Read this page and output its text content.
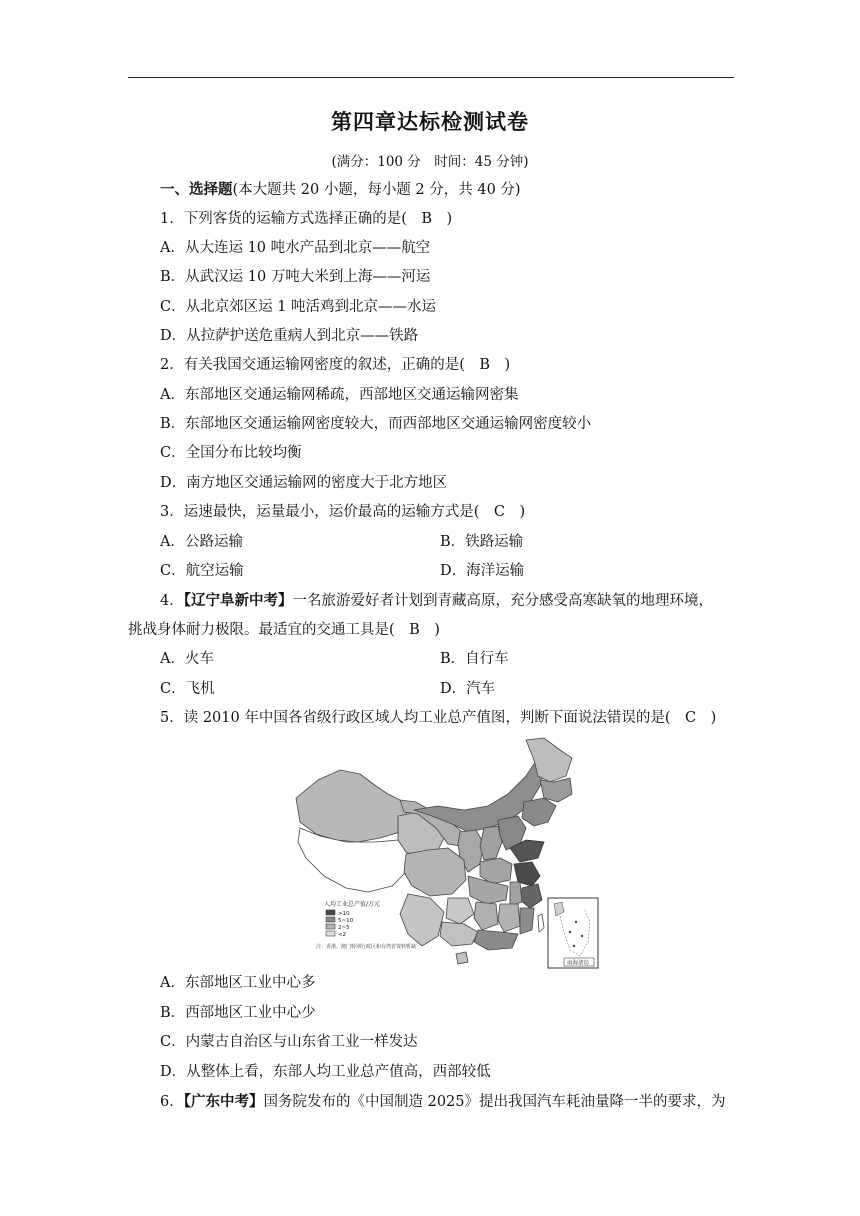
第四章达标检测试卷
(满分：100 分　时间：45 分钟)
一、选择题(本大题共 20 小题，每小题 2 分，共 40 分)
1．下列客货的运输方式选择正确的是(　B　)
A．从大连运 10 吨水产品到北京——航空
B．从武汉运 10 万吨大米到上海——河运
C．从北京郊区运 1 吨活鸡到北京——水运
D．从拉萨护送危重病人到北京——铁路
2．有关我国交通运输网密度的叙述，正确的是(　B　)
A．东部地区交通运输网稀疏，西部地区交通运输网密集
B．东部地区交通运输网密度较大，而西部地区交通运输网密度较小
C．全国分布比较均衡
D．南方地区交通运输网的密度大于北方地区
3．运速最快，运量最小，运价最高的运输方式是(　C　)
A．公路运输	B．铁路运输
C．航空运输	D．海洋运输
4．【辽宁阜新中考】一名旅游爱好者计划到青藏高原，充分感受高寒缺氧的地理环境，
挑战身体耐力极限。最适宜的交通工具是(　B　)
A．火车	B．自行车
C．飞机	D．汽车
5．读 2010 年中国各省级行政区域人均工业总产值图，判断下面说法错误的是(　C　)
人均工业总产值/万元
>10
5~10
2~5
<2
注：香港、澳门特别行政区和台湾省资料暂缺
南海诸岛
A．东部地区工业中心多
B．西部地区工业中心少
C．内蒙古自治区与山东省工业一样发达
D．从整体上看，东部人均工业总产值高，西部较低
6．【广东中考】国务院发布的《中国制造 2025》提出我国汽车耗油量降一半的要求，为
